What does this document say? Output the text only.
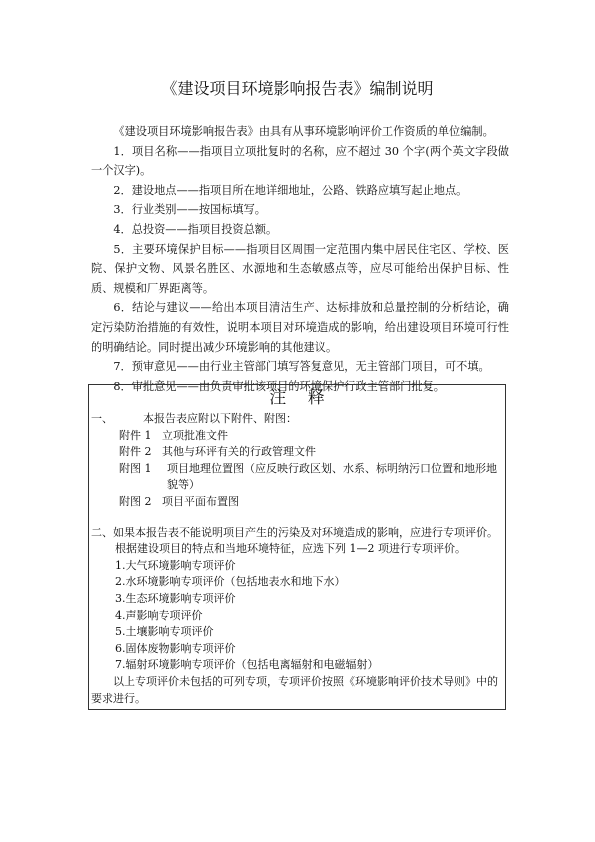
《建设项目环境影响报告表》编制说明

《建设项目环境影响报告表》由具有从事环境影响评价工作资质的单位编制。

1．项目名称——指项目立项批复时的名称，应不超过 30 个字(两个英文字段做一个汉字)。

2．建设地点——指项目所在地详细地址，公路、铁路应填写起止地点。

3．行业类别——按国标填写。

4．总投资——指项目投资总额。

5．主要环境保护目标——指项目区周围一定范围内集中居民住宅区、学校、医院、保护文物、风景名胜区、水源地和生态敏感点等，应尽可能给出保护目标、性质、规模和厂界距离等。

6．结论与建议——给出本项目清洁生产、达标排放和总量控制的分析结论，确定污染防治措施的有效性，说明本项目对环境造成的影响，给出建设项目环境可行性的明确结论。同时提出减少环境影响的其他建议。

7．预审意见——由行业主管部门填写答复意见，无主管部门项目，可不填。

8．审批意见——由负责审批该项目的环境保护行政主管部门批复。

注    释
一、	本报告表应附以下附件、附图：
附件 1 立项批准文件
附件 2 其他与环评有关的行政管理文件
附图 1	项目地理位置图（应反映行政区划、水系、标明纳污口位置和地形地貌等）
附图 2 项目平面布置图
二、如果本报告表不能说明项目产生的污染及对环境造成的影响，应进行专项评价。根据建设项目的特点和当地环境特征，应选下列 1—2 项进行专项评价。
1.大气环境影响专项评价
2.水环境影响专项评价（包括地表水和地下水）
3.生态环境影响专项评价
4.声影响专项评价
5.土壤影响专项评价
6.固体废物影响专项评价
7.辐射环境影响专项评价（包括电离辐射和电磁辐射）
以上专项评价未包括的可列专项，专项评价按照《环境影响评价技术导则》中的要求进行。
